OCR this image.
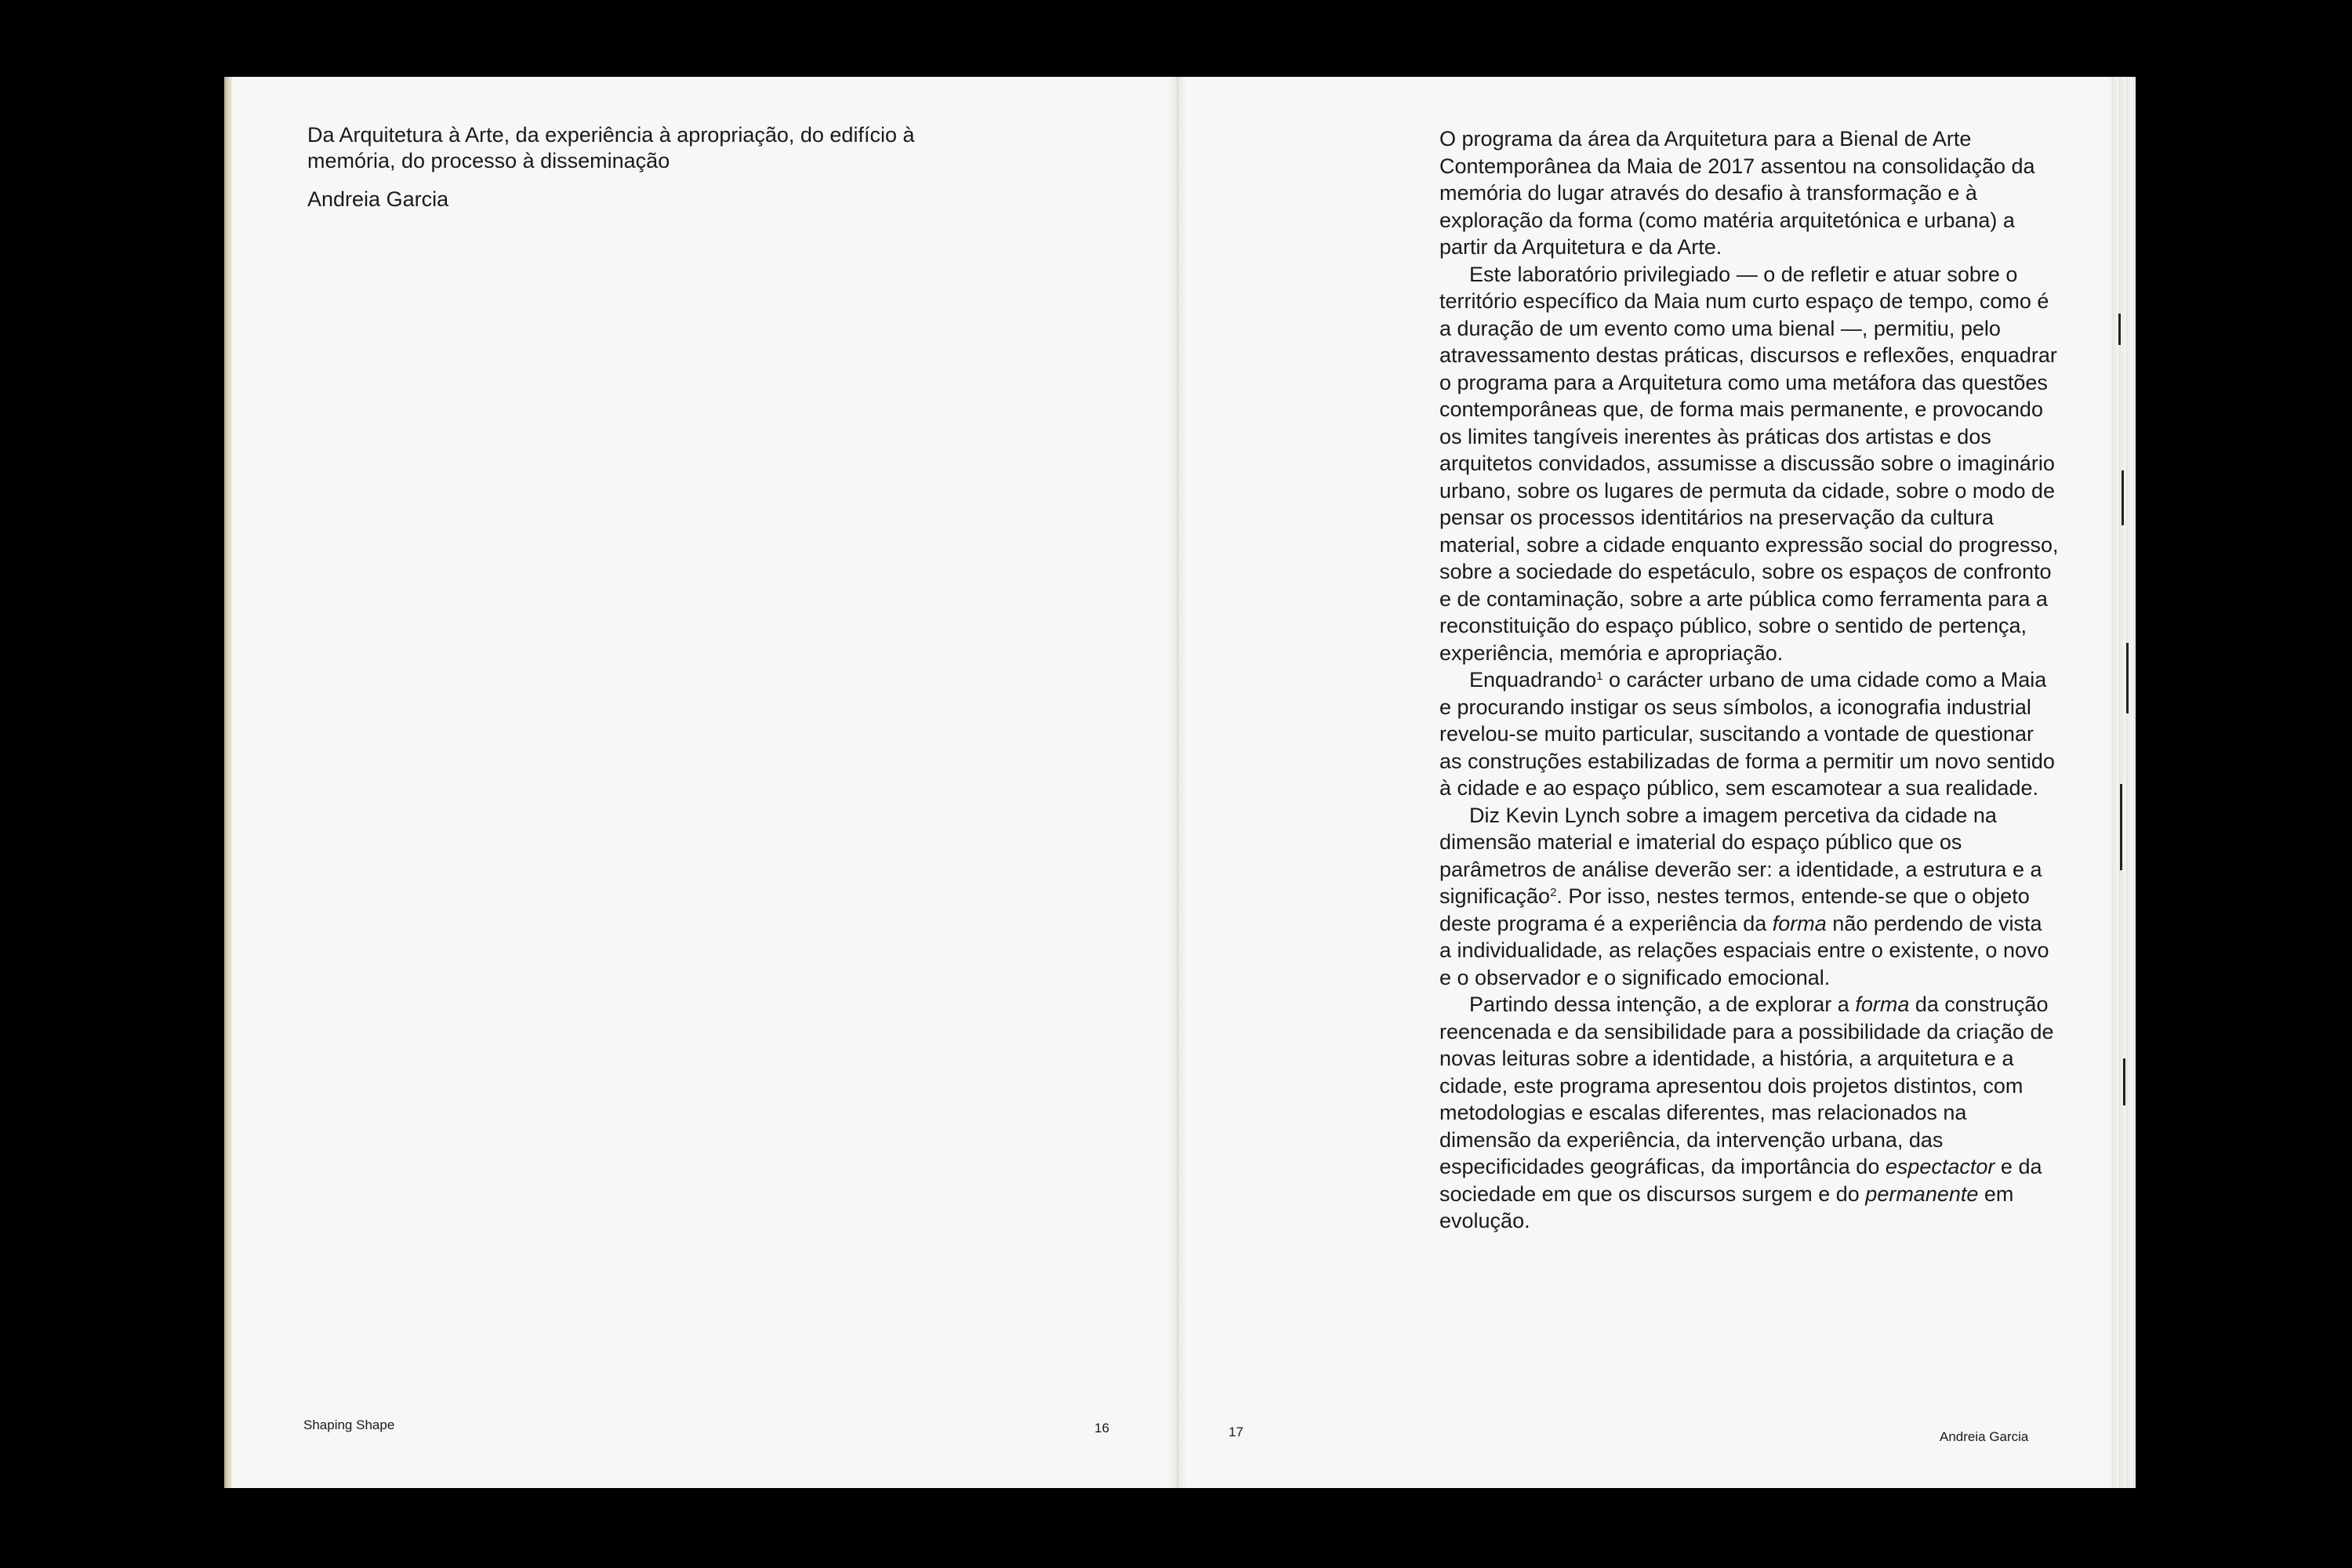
Da Arquitetura à Arte, da experiência à apropriação, do edifício à memória, do processo à disseminação

Andreia Garcia

Shaping Shape	16

O programa da área da Arquitetura para a Bienal de Arte Contemporânea da Maia de 2017 assentou na consolidação da memória do lugar através do desafio à transformação e à exploração da forma (como matéria arquitetónica e urbana) a partir da Arquitetura e da Arte.

Este laboratório privilegiado — o de refletir e atuar sobre o território específico da Maia num curto espaço de tempo, como é a duração de um evento como uma bienal —, permitiu, pelo atravessamento destas práticas, discursos e reflexões, enquadrar o programa para a Arquitetura como uma metáfora das questões contemporâneas que, de forma mais permanente, e provocando os limites tangíveis inerentes às práticas dos artistas e dos arquitetos convidados, assumisse a discussão sobre o imaginário urbano, sobre os lugares de permuta da cidade, sobre o modo de pensar os processos identitários na preservação da cultura material, sobre a cidade enquanto expressão social do progresso, sobre a sociedade do espetáculo, sobre os espaços de confronto e de contaminação, sobre a arte pública como ferramenta para a reconstituição do espaço público, sobre o sentido de pertença, experiência, memória e apropriação.

Enquadrando$^1$ o carácter urbano de uma cidade como a Maia e procurando instigar os seus símbolos, a iconografia industrial revelou-se muito particular, suscitando a vontade de questionar as construções estabilizadas de forma a permitir um novo sentido à cidade e ao espaço público, sem escamotear a sua realidade.

Diz Kevin Lynch sobre a imagem percetiva da cidade na dimensão material e imaterial do espaço público que os parâmetros de análise deverão ser: a identidade, a estrutura e a significação$^2$. Por isso, nestes termos, entende-se que o objeto deste programa é a experiência da forma não perdendo de vista a individualidade, as relações espaciais entre o existente, o novo e o observador e o significado emocional.

Partindo dessa intenção, a de explorar a forma da construção reencenada e da sensibilidade para a possibilidade da criação de novas leituras sobre a identidade, a história, a arquitetura e a cidade, este programa apresentou dois projetos distintos, com metodologias e escalas diferentes, mas relacionados na dimensão da experiência, da intervenção urbana, das especificidades geográficas, da importância do espectactor e da sociedade em que os discursos surgem e do permanente em evolução.

17	Andreia Garcia
